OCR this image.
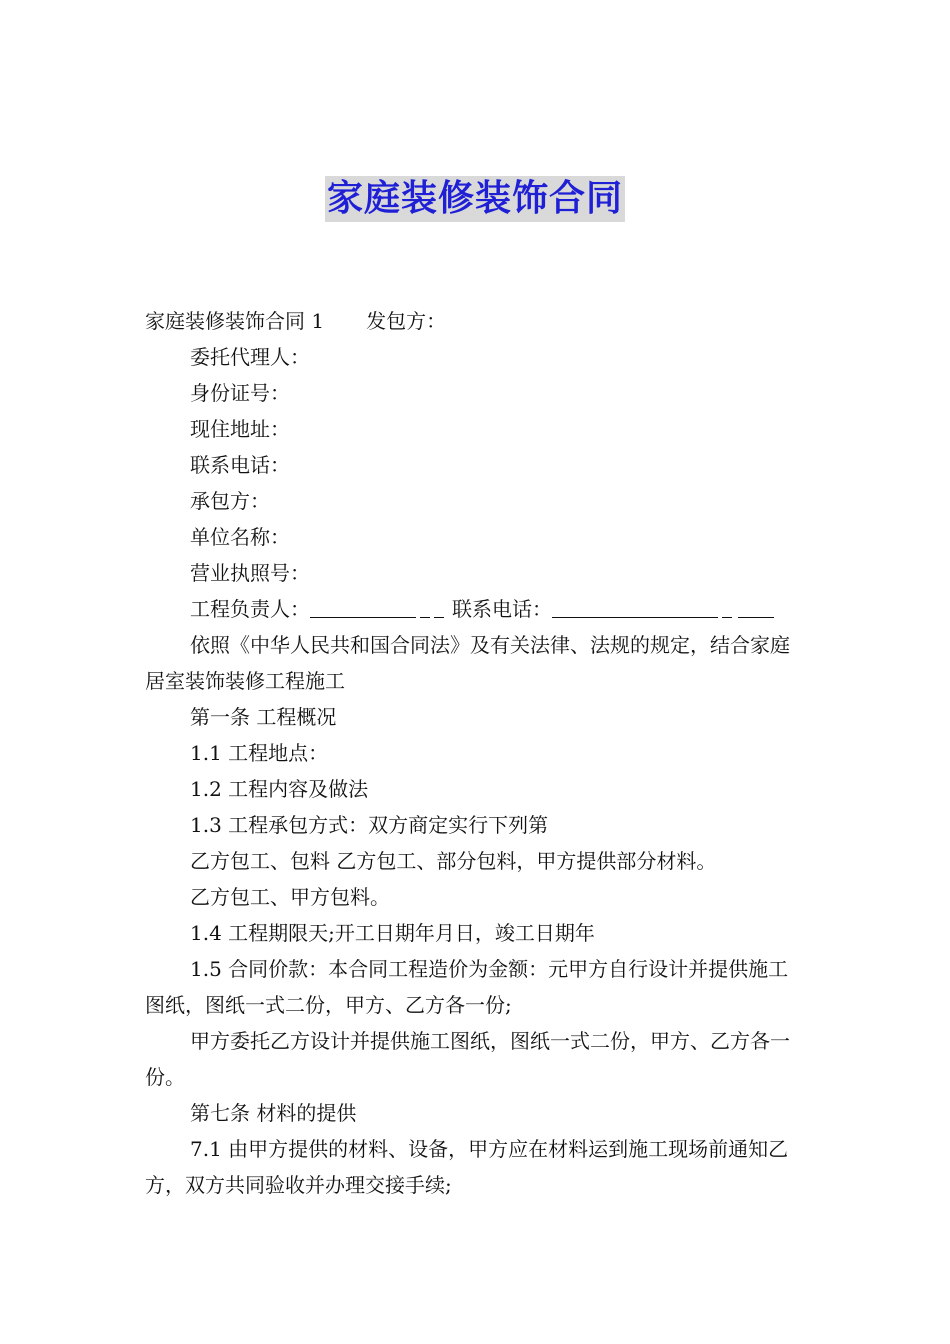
家庭装修装饰合同
家庭装修装饰合同 1 发包方：
委托代理人：
身份证号：
现住地址：
联系电话：
承包方：
单位名称：
营业执照号：
工程负责人：	联系电话：
依照《中华人民共和国合同法》及有关法律、法规的规定，结合家庭居室装饰装修工程施工
第一条 工程概况
1.1 工程地点：
1.2 工程内容及做法
1.3 工程承包方式：双方商定实行下列第
乙方包工、包料 乙方包工、部分包料，甲方提供部分材料。
乙方包工、甲方包料。
1.4 工程期限天;开工日期年月日，竣工日期年
1.5 合同价款：本合同工程造价为金额：元甲方自行设计并提供施工图纸，图纸一式二份，甲方、乙方各一份;
甲方委托乙方设计并提供施工图纸，图纸一式二份，甲方、乙方各一份。
第七条 材料的提供
7.1 由甲方提供的材料、设备，甲方应在材料运到施工现场前通知乙方，双方共同验收并办理交接手续;
